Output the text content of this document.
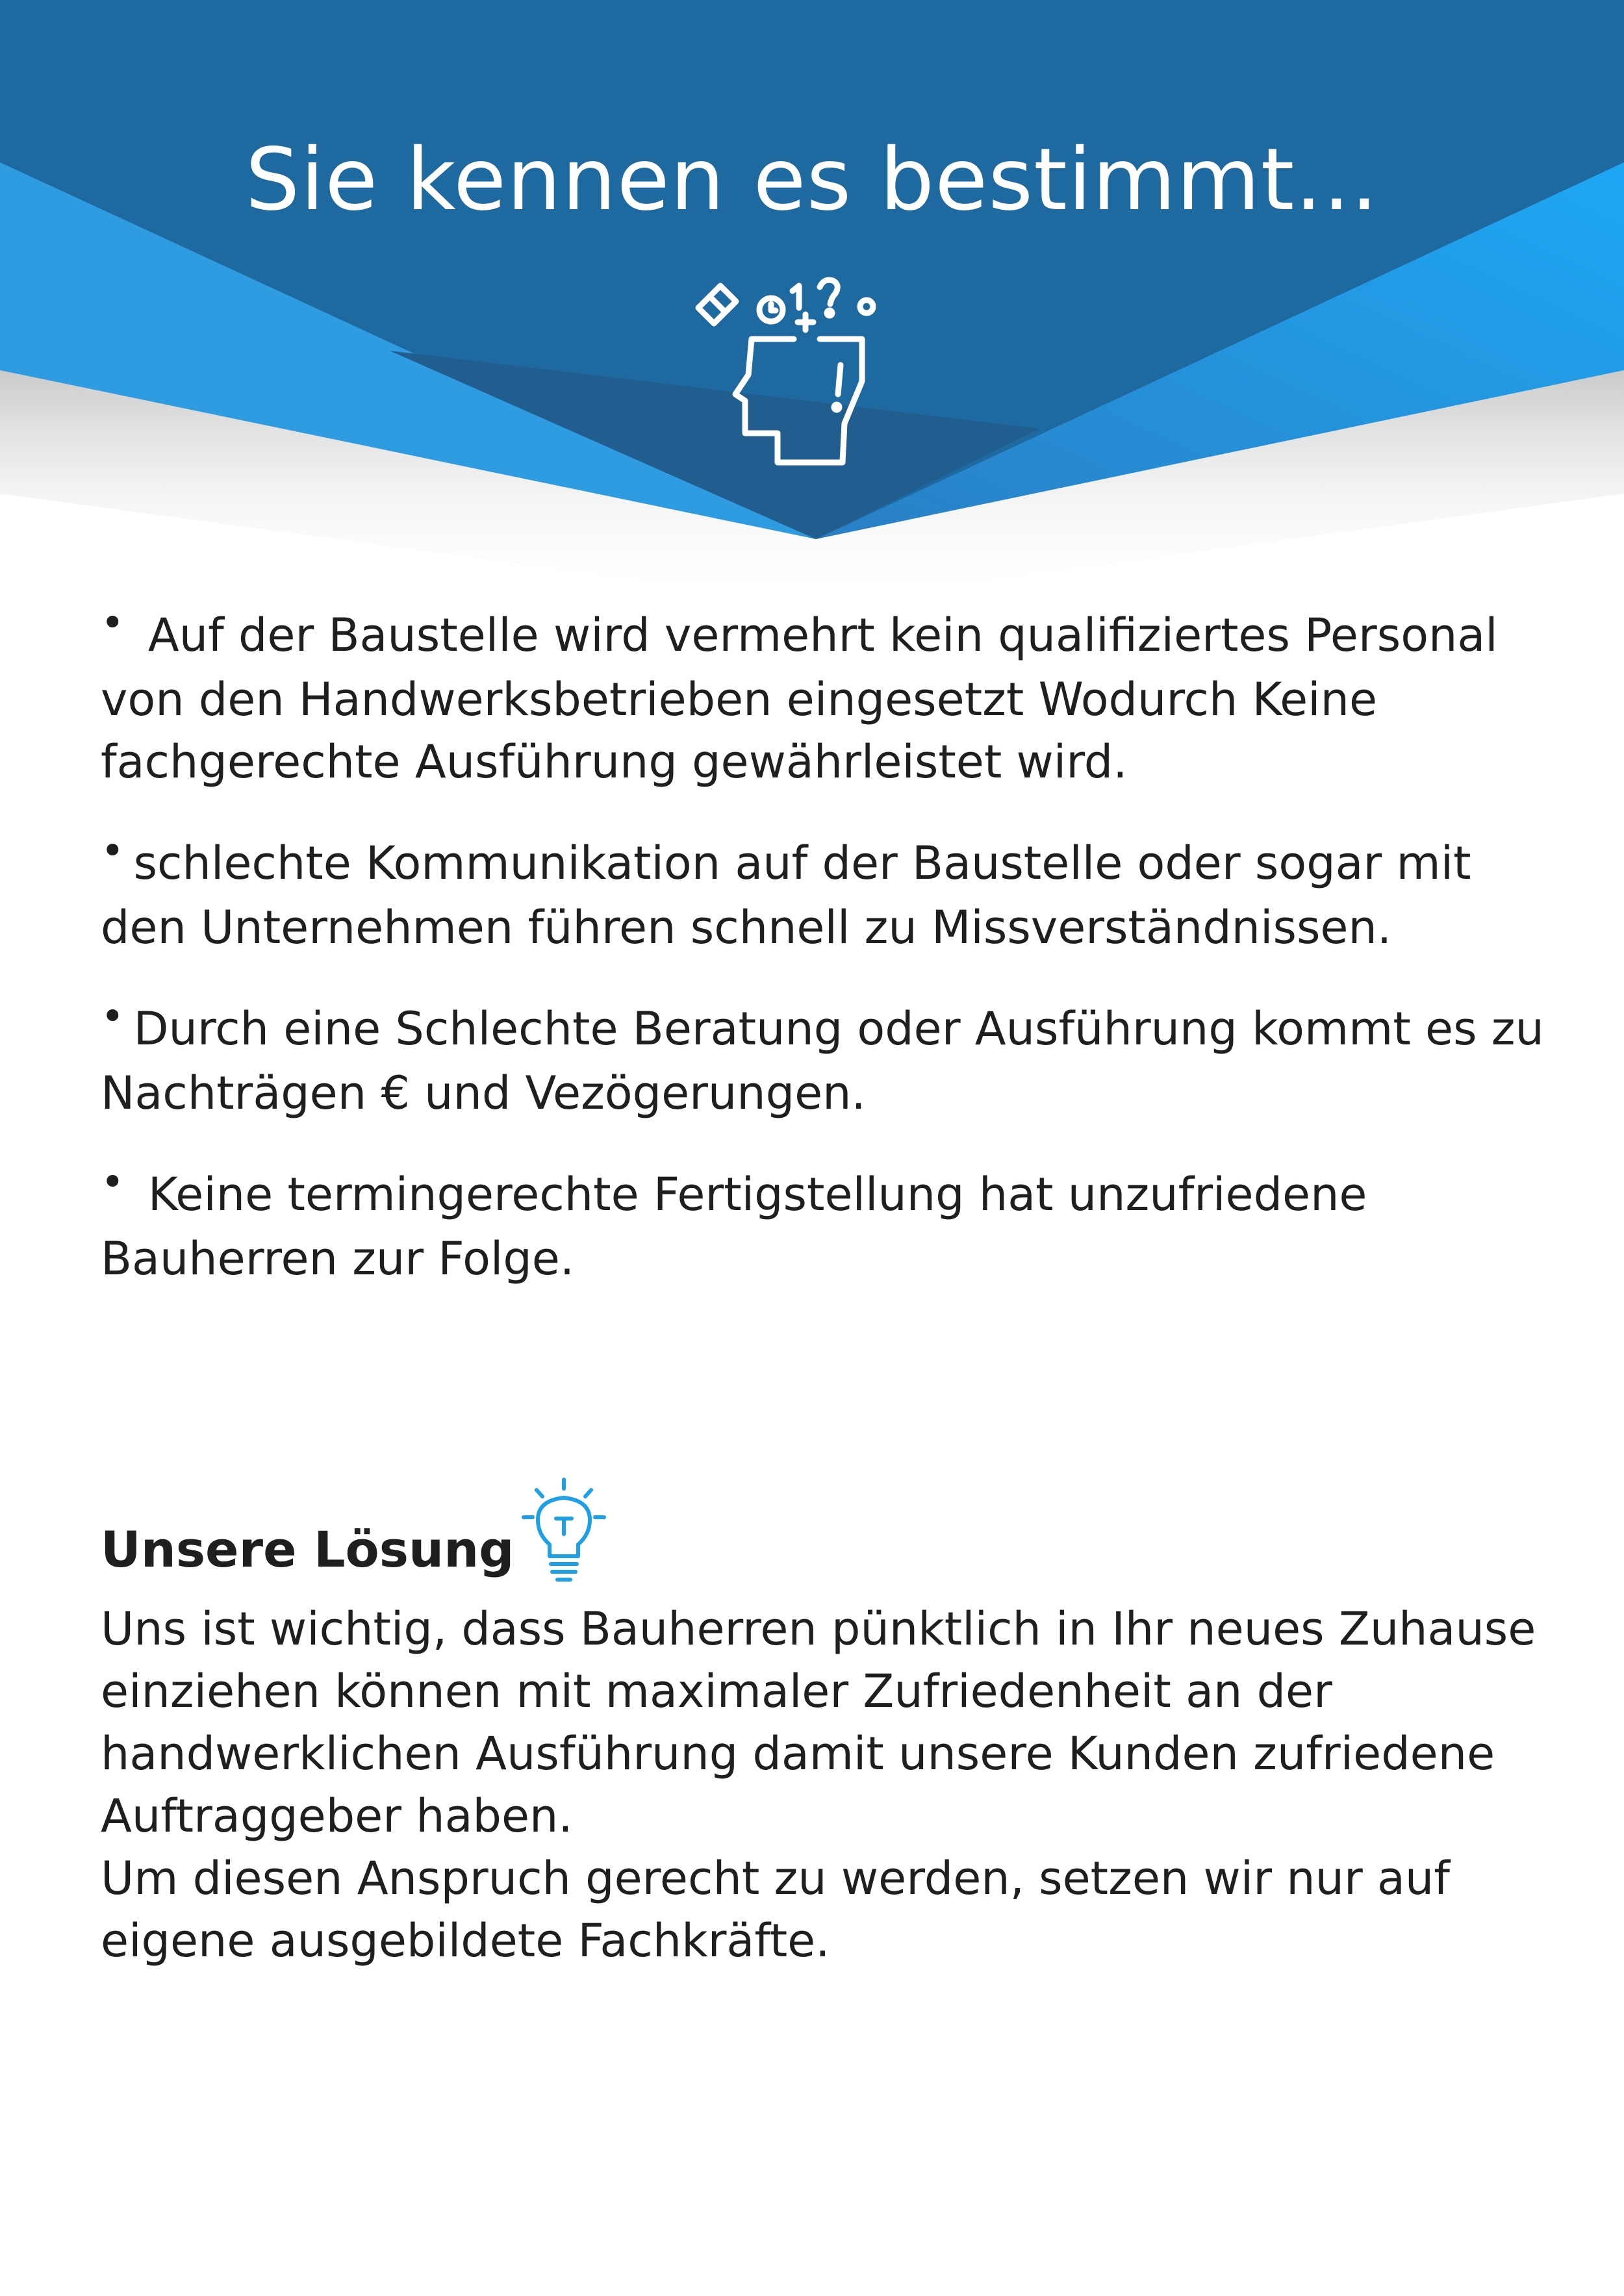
Sie kennen es bestimmt...
• Auf der Baustelle wird vermehrt kein qualifiziertes Personal von den Handwerksbetrieben eingesetzt Wodurch Keine fachgerechte Ausführung gewährleistet wird.
• schlechte Kommunikation auf der Baustelle oder sogar mit den Unternehmen führen schnell zu Missverständnissen.
• Durch eine Schlechte Beratung oder Ausführung kommt es zu Nachträgen € und Vezögerungen.
• Keine termingerechte Fertigstellung hat unzufriedene Bauherren zur Folge.
Unsere Lösung
Uns ist wichtig, dass Bauherren pünktlich in Ihr neues Zuhause einziehen können mit maximaler Zufriedenheit an der handwerklichen Ausführung damit unsere Kunden zufriedene Auftraggeber haben.
Um diesen Anspruch gerecht zu werden, setzen wir nur auf eigene ausgebildete Fachkräfte.
